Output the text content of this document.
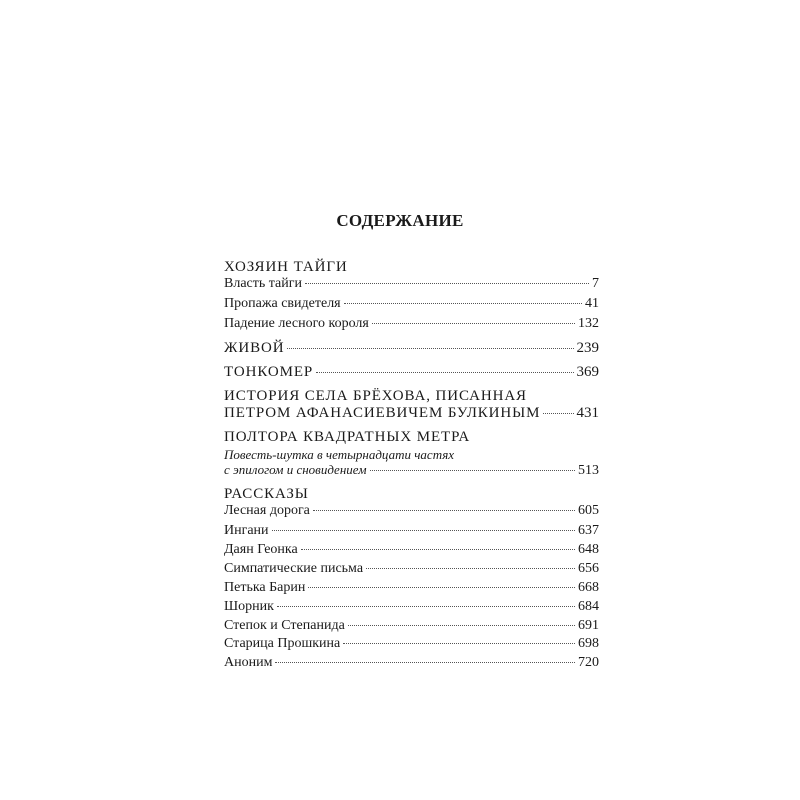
СОДЕРЖАНИЕ
ХОЗЯИН ТАЙГИ
Власть тайги	7
Пропажа свидетеля	41
Падение лесного короля	132
ЖИВОЙ	239
ТОНКОМЕР	369
ИСТОРИЯ СЕЛА БРЁХОВА, ПИСАННАЯ
ПЕТРОМ АФАНАСИЕВИЧЕМ БУЛКИНЫМ 431
ПОЛТОРА КВАДРАТНЫХ МЕТРА
Повесть-шутка в четырнадцати частях
с эпилогом и сновидением	513
РАССКАЗЫ
Лесная дорога	605
Ингани	637
Даян Геонка	648
Симпатические письма	656
Петька Барин	668
Шорник	684
Степок и Степанида	691
Старица Прошкина	698
Аноним	720
